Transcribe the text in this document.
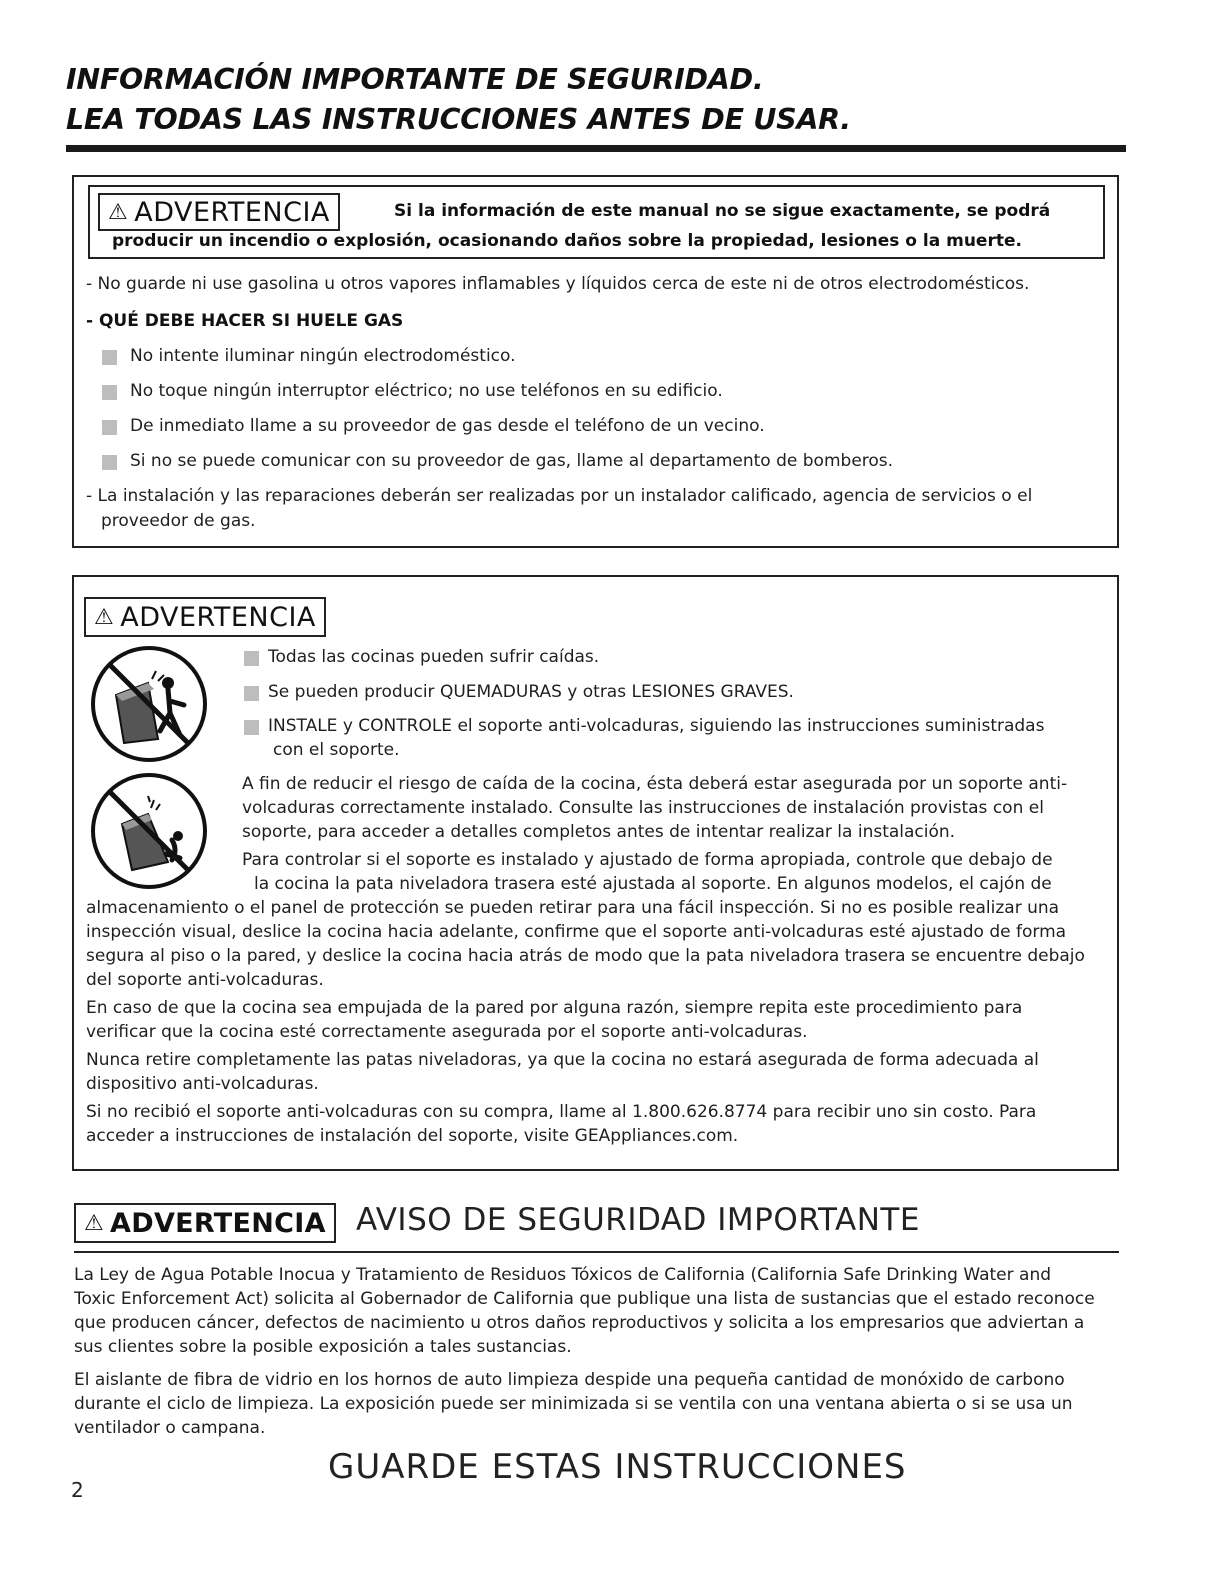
INFORMACIÓN IMPORTANTE DE SEGURIDAD.
LEA TODAS LAS INSTRUCCIONES ANTES DE USAR.
⚠ ADVERTENCIA	Si la información de este manual no se sigue exactamente, se podrá
producir un incendio o explosión, ocasionando daños sobre la propiedad, lesiones o la muerte.
- No guarde ni use gasolina u otros vapores inflamables y líquidos cerca de este ni de otros electrodomésticos.
- QUÉ DEBE HACER SI HUELE GAS
No intente iluminar ningún electrodoméstico.
No toque ningún interruptor eléctrico; no use teléfonos en su edificio.
De inmediato llame a su proveedor de gas desde el teléfono de un vecino.
Si no se puede comunicar con su proveedor de gas, llame al departamento de bomberos.
- La instalación y las reparaciones deberán ser realizadas por un instalador calificado, agencia de servicios o el
proveedor de gas.
⚠ ADVERTENCIA
Todas las cocinas pueden sufrir caídas.
Se pueden producir QUEMADURAS y otras LESIONES GRAVES.
INSTALE y CONTROLE el soporte anti-volcaduras, siguiendo las instrucciones suministradas
con el soporte.
A fin de reducir el riesgo de caída de la cocina, ésta deberá estar asegurada por un soporte anti-
volcaduras correctamente instalado. Consulte las instrucciones de instalación provistas con el
soporte, para acceder a detalles completos antes de intentar realizar la instalación.
Para controlar si el soporte es instalado y ajustado de forma apropiada, controle que debajo de
la cocina la pata niveladora trasera esté ajustada al soporte. En algunos modelos, el cajón de
almacenamiento o el panel de protección se pueden retirar para una fácil inspección. Si no es posible realizar una
inspección visual, deslice la cocina hacia adelante, confirme que el soporte anti-volcaduras esté ajustado de forma
segura al piso o la pared, y deslice la cocina hacia atrás de modo que la pata niveladora trasera se encuentre debajo
del soporte anti-volcaduras.
En caso de que la cocina sea empujada de la pared por alguna razón, siempre repita este procedimiento para
verificar que la cocina esté correctamente asegurada por el soporte anti-volcaduras.
Nunca retire completamente las patas niveladoras, ya que la cocina no estará asegurada de forma adecuada al
dispositivo anti-volcaduras.
Si no recibió el soporte anti-volcaduras con su compra, llame al 1.800.626.8774 para recibir uno sin costo. Para
acceder a instrucciones de instalación del soporte, visite GEAppliances.com.
⚠ ADVERTENCIA AVISO DE SEGURIDAD IMPORTANTE
La Ley de Agua Potable Inocua y Tratamiento de Residuos Tóxicos de California (California Safe Drinking Water and
Toxic Enforcement Act) solicita al Gobernador de California que publique una lista de sustancias que el estado reconoce
que producen cáncer, defectos de nacimiento u otros daños reproductivos y solicita a los empresarios que adviertan a
sus clientes sobre la posible exposición a tales sustancias.
El aislante de fibra de vidrio en los hornos de auto limpieza despide una pequeña cantidad de monóxido de carbono
durante el ciclo de limpieza. La exposición puede ser minimizada si se ventila con una ventana abierta o si se usa un
ventilador o campana.
GUARDE ESTAS INSTRUCCIONES
2
